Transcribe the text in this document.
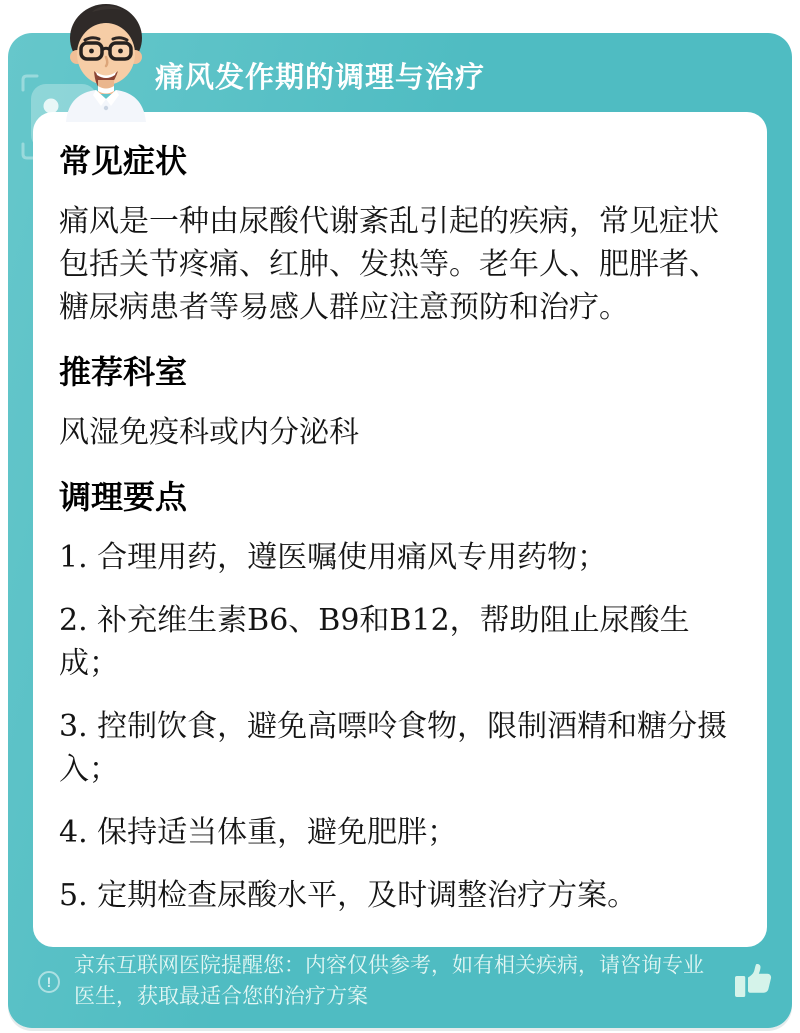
痛风发作期的调理与治疗
常见症状

痛风是一种由尿酸代谢紊乱引起的疾病，常见症状包括关节疼痛、红肿、发热等。老年人、肥胖者、糖尿病患者等易感人群应注意预防和治疗。

推荐科室

风湿免疫科或内分泌科

调理要点

1. 合理用药，遵医嘱使用痛风专用药物；

2. 补充维生素B6、B9和B12，帮助阻止尿酸生成；

3. 控制饮食，避免高嘌呤食物，限制酒精和糖分摄入；

4. 保持适当体重，避免肥胖；

5. 定期检查尿酸水平，及时调整治疗方案。

!
京东互联网医院提醒您：内容仅供参考，如有相关疾病，请咨询专业医生，获取最适合您的治疗方案
